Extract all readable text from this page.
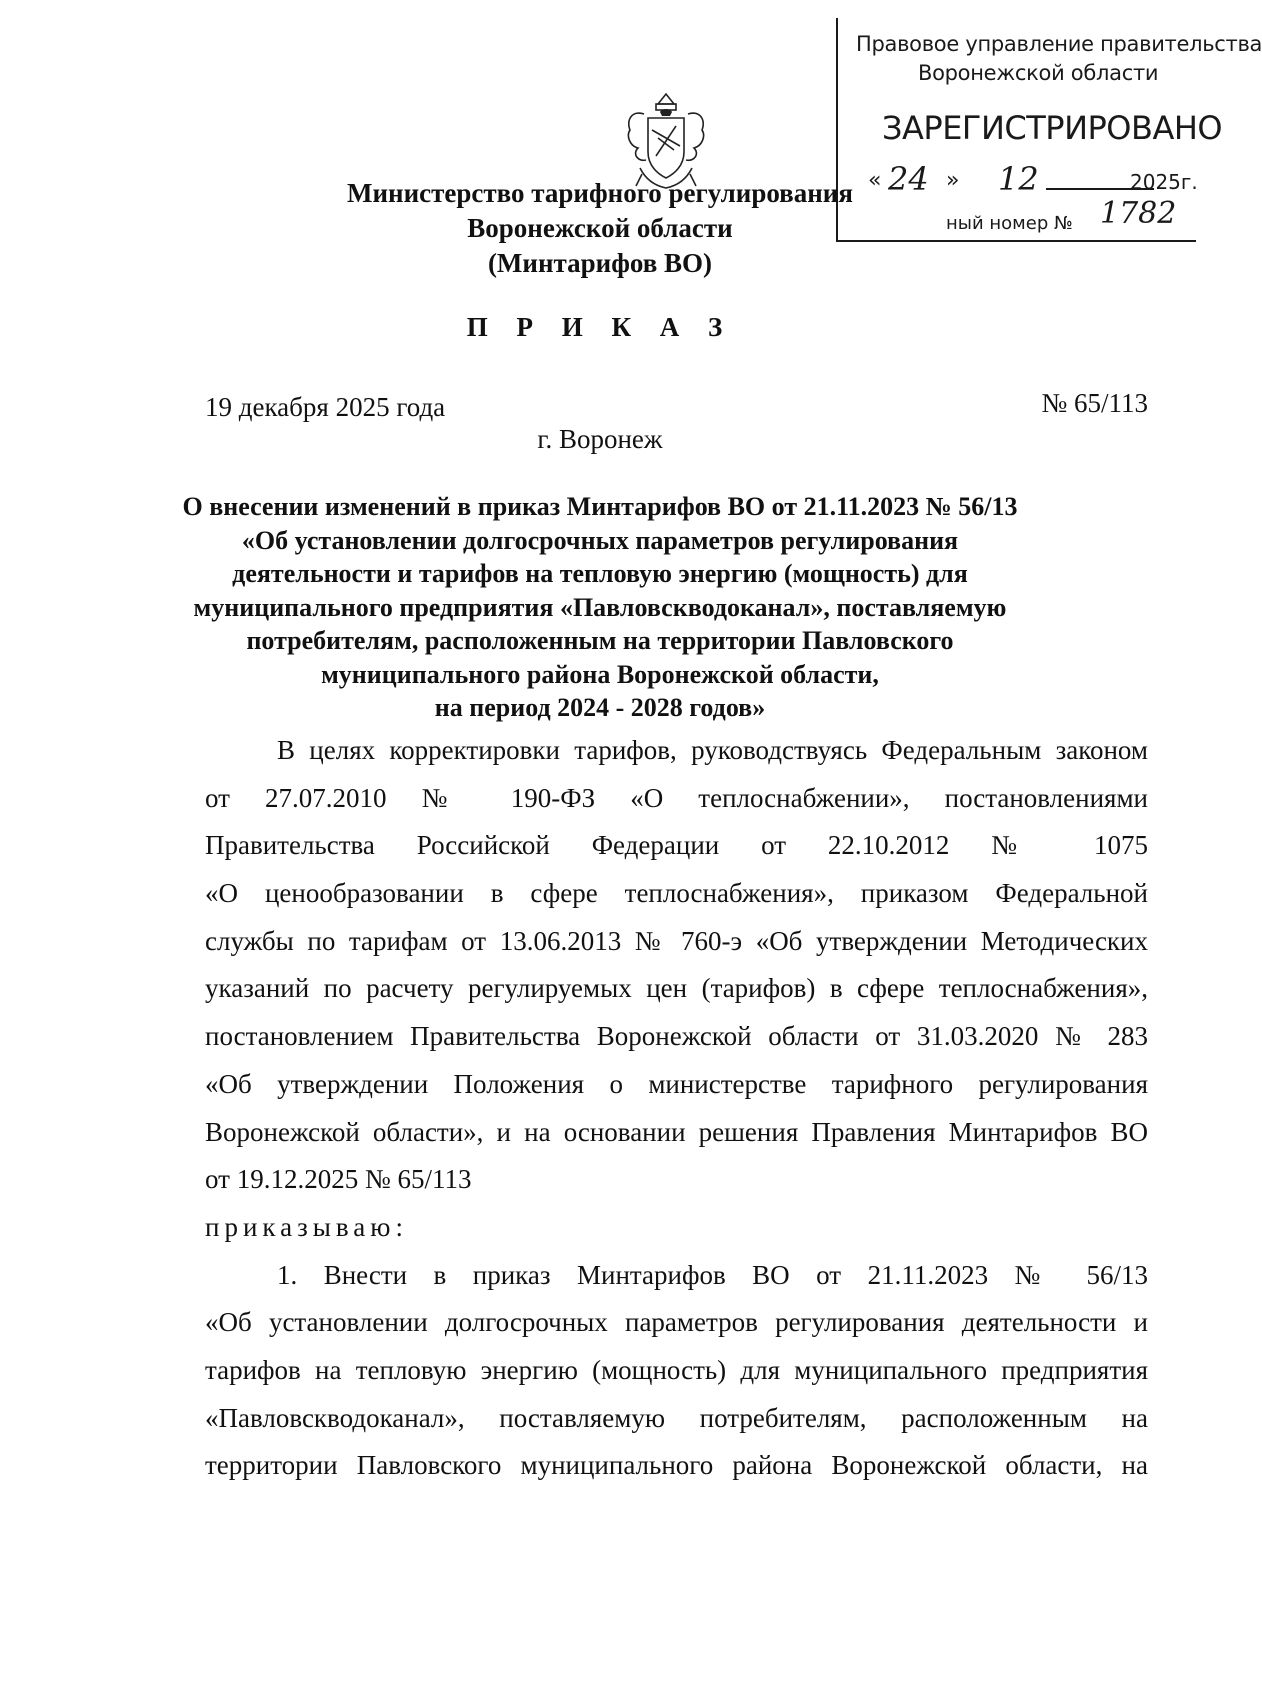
Правовое управление правительства
Воронежской области
ЗАРЕГИСТРИРОВАНО
« 24 » 12	2025г.
ный номер № 1782
Министерство тарифного регулирования
Воронежской области
(Минтарифов ВО)
П Р И К А З
19 декабря 2025 года	№ 65/113
г. Воронеж
О внесении изменений в приказ Минтарифов ВО от 21.11.2023 № 56/13
«Об установлении долгосрочных параметров регулирования
деятельности и тарифов на тепловую энергию (мощность) для
муниципального предприятия «Павловскводоканал», поставляемую
потребителям, расположенным на территории Павловского
муниципального района Воронежской области,
на период 2024 - 2028 годов»
В целях корректировки тарифов, руководствуясь Федеральным законом
от 27.07.2010 № 190-ФЗ «О теплоснабжении», постановлениями
Правительства Российской Федерации от 22.10.2012 № 1075
«О ценообразовании в сфере теплоснабжения», приказом Федеральной
службы по тарифам от 13.06.2013 № 760-э «Об утверждении Методических
указаний по расчету регулируемых цен (тарифов) в сфере теплоснабжения»,
постановлением Правительства Воронежской области от 31.03.2020 № 283
«Об утверждении Положения о министерстве тарифного регулирования
Воронежской области», и на основании решения Правления Минтарифов ВО
от 19.12.2025 № 65/113
приказываю:
1. Внести в приказ Минтарифов ВО от 21.11.2023 № 56/13
«Об установлении долгосрочных параметров регулирования деятельности и
тарифов на тепловую энергию (мощность) для муниципального предприятия
«Павловскводоканал», поставляемую потребителям, расположенным на
территории Павловского муниципального района Воронежской области, на
